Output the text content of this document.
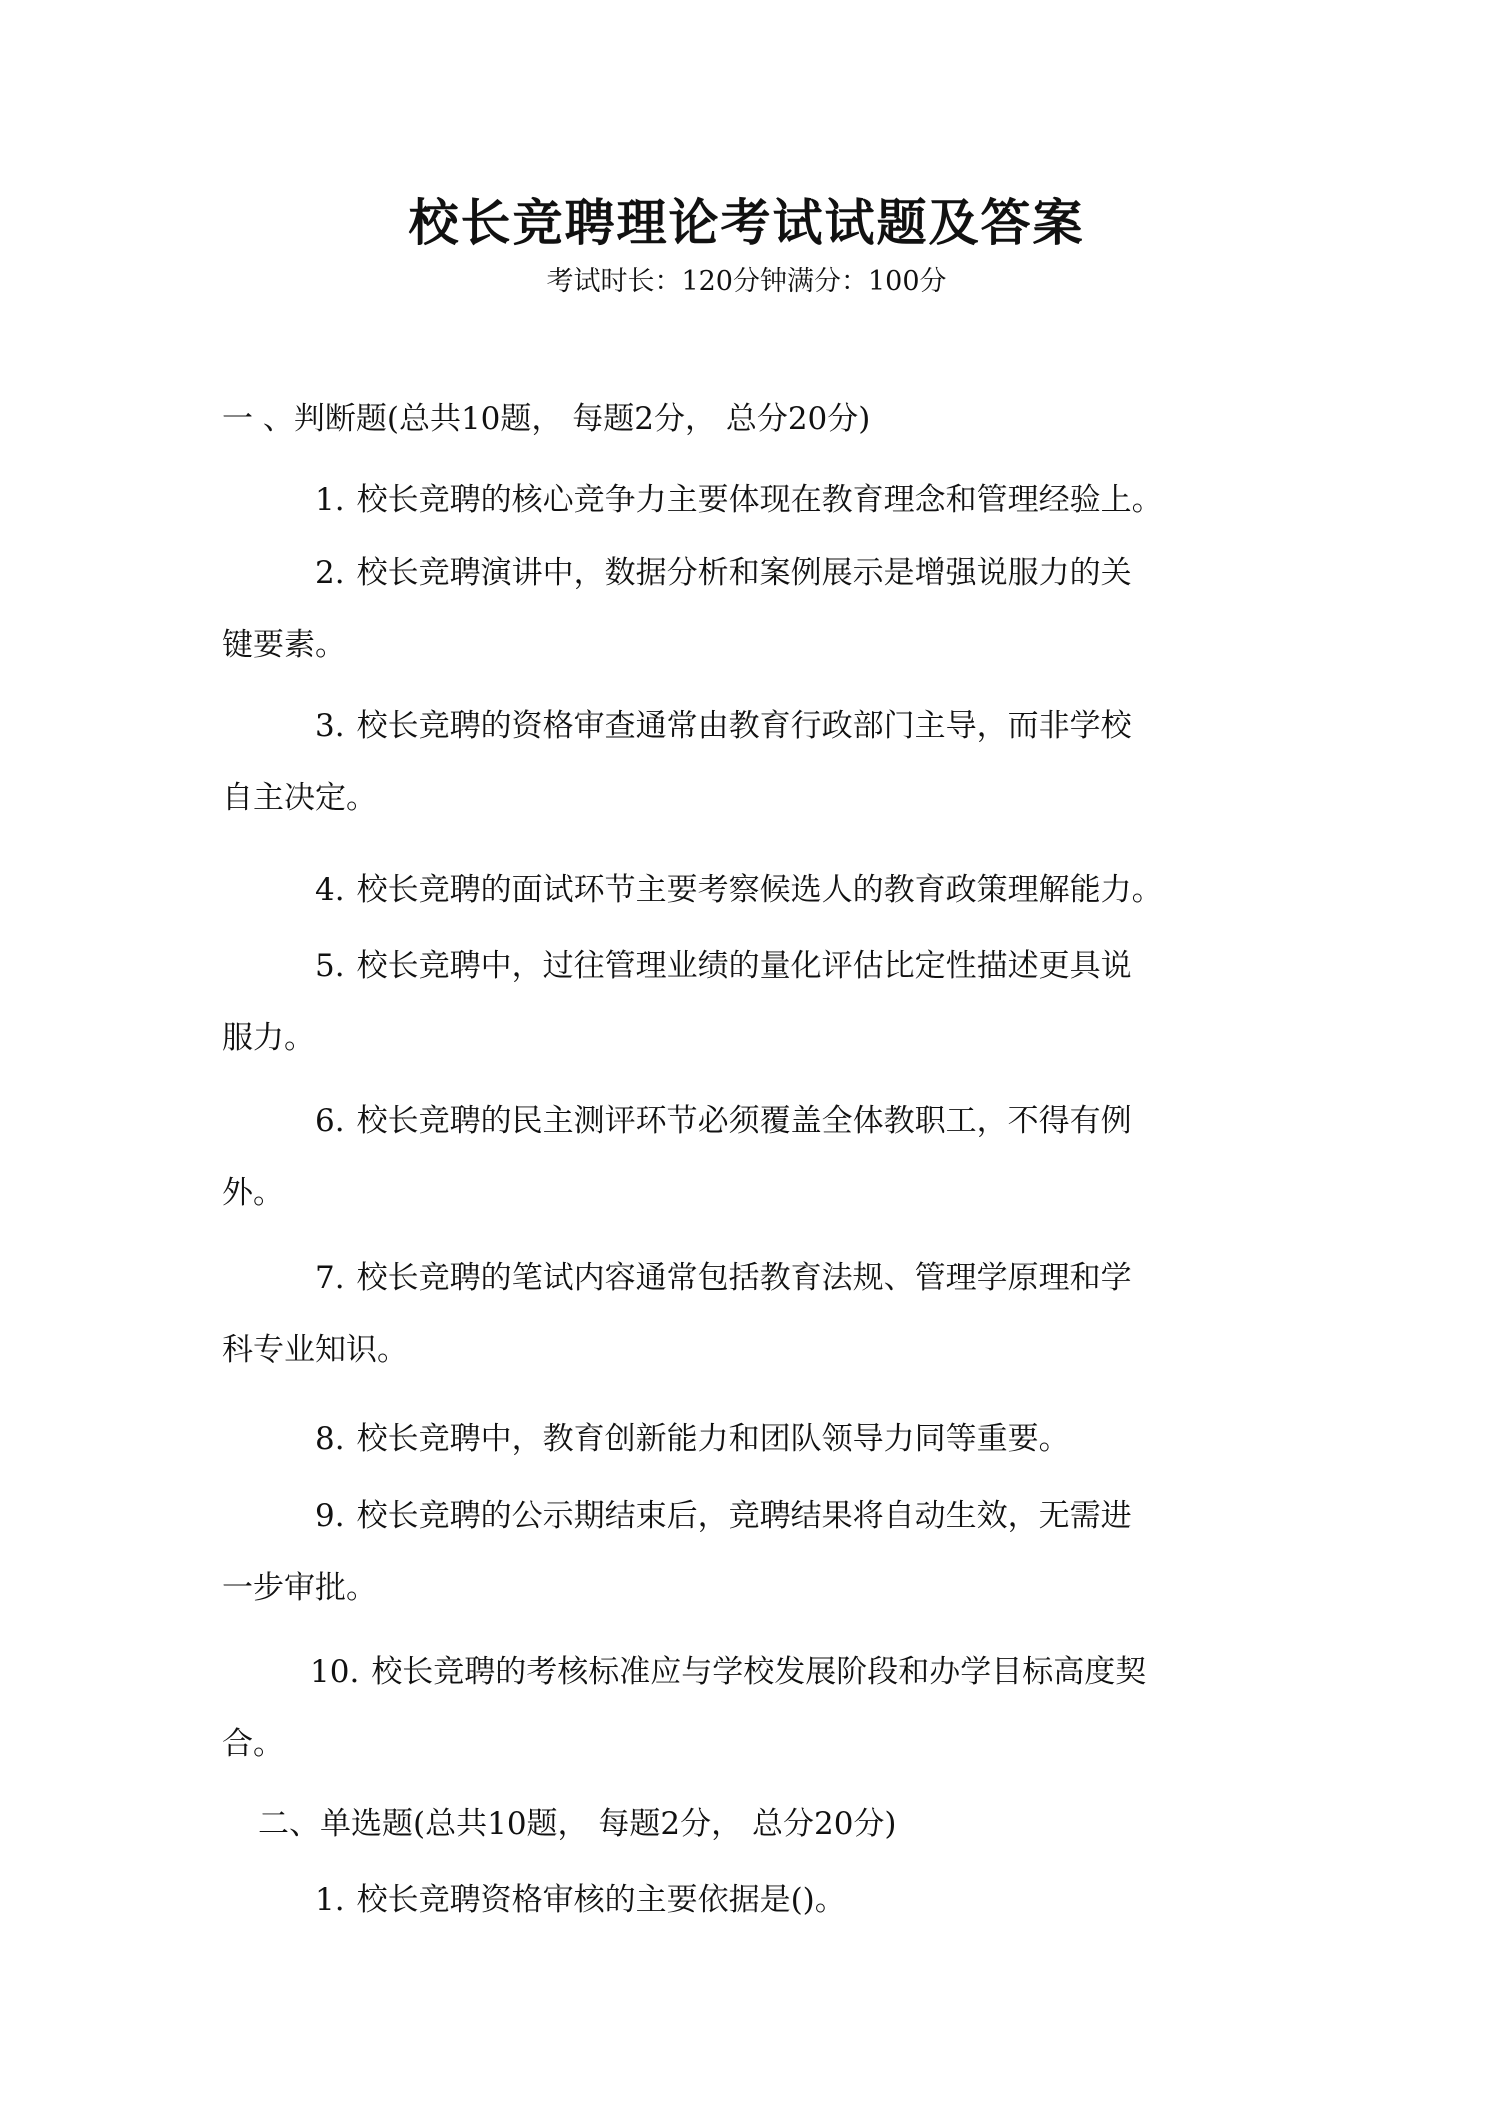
校长竞聘理论考试试题及答案
考试时长：120分钟满分：100分
一 、判断题(总共10题， 每题2分， 总分20分)
1. 校长竞聘的核心竞争力主要体现在教育理念和管理经验上。
2. 校长竞聘演讲中，数据分析和案例展示是增强说服力的关
键要素。
3. 校长竞聘的资格审查通常由教育行政部门主导，而非学校
自主决定。
4. 校长竞聘的面试环节主要考察候选人的教育政策理解能力。
5. 校长竞聘中，过往管理业绩的量化评估比定性描述更具说
服力。
6. 校长竞聘的民主测评环节必须覆盖全体教职工，不得有例
外。
7. 校长竞聘的笔试内容通常包括教育法规、管理学原理和学
科专业知识。
8. 校长竞聘中，教育创新能力和团队领导力同等重要。
9. 校长竞聘的公示期结束后，竞聘结果将自动生效，无需进
一步审批。
10. 校长竞聘的考核标准应与学校发展阶段和办学目标高度契
合。
二、单选题(总共10题， 每题2分， 总分20分)
1. 校长竞聘资格审核的主要依据是()。
